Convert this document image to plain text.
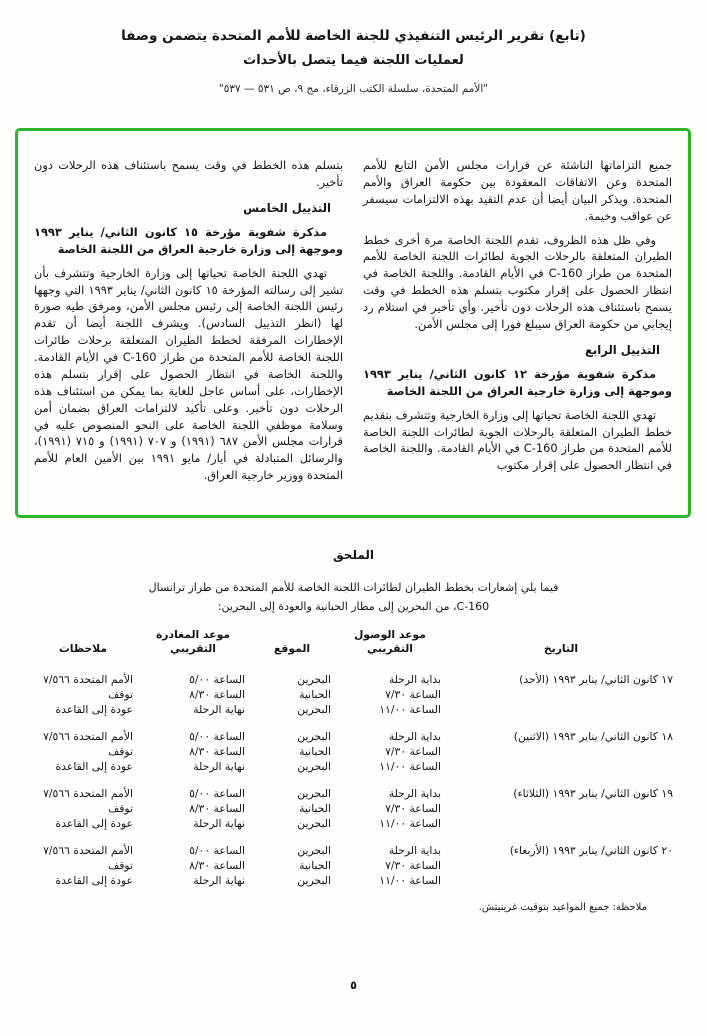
(تابع) تقرير الرئيس التنفيذي للجنة الخاصة للأمم المتحدة يتضمن وصفا
لعمليات اللجنة فيما يتصل بالأحداث
"الأمم المتحدة، سلسلة الكتب الزرقاء، مج ٩، ص ٥٣١ — ٥٣٧"

جميع التزاماتها الناشئة عن قرارات مجلس الأمن التابع للأمم المتحدة وعن الاتفاقات المعقودة بين حكومة العراق والأمم المتحدة. ويذكر البيان أيضا أن عدم التقيد بهذه الالتزامات سيسفر عن عواقب وخيمة.

وفي ظل هذه الظروف، تقدم اللجنة الخاصة مرة أخرى خطط الطيران المتعلقة بالرحلات الجوية لطائرات اللجنة الخاصة للأمم المتحدة من طراز C-160 في الأيام القادمة. واللجنة الخاصة في انتظار الحصول على إقرار مكتوب بتسلم هذه الخطط في وقت يسمح باستئناف هذه الرحلات دون تأخير. وأي تأخير في استلام رد إيجابي من حكومة العراق سيبلغ فورا إلى مجلس الأمن.

التذييل الرابع

مذكرة شفوية مؤرخة ١٢ كانون الثاني/ يناير ١٩٩٣ وموجهة إلى وزارة خارجية العراق من اللجنة الخاصة

تهدي اللجنة الخاصة تحياتها إلى وزارة الخارجية وتتشرف بتقديم خطط الطيران المتعلقة بالرحلات الجوية لطائرات اللجنة الخاصة للأمم المتحدة من طراز C-160 في الأيام القادمة. واللجنة الخاصة في انتظار الحصول على إقرار مكتوب

بتسلم هذه الخطط في وقت يسمح باستئناف هذه الرحلات دون تأخير.

التذييل الخامس

مذكرة شفوية مؤرخة ١٥ كانون الثاني/ يناير ١٩٩٣ وموجهة إلى وزارة خارجية العراق من اللجنة الخاصة

تهدي اللجنة الخاصة تحياتها إلى وزارة الخارجية وتتشرف بأن تشير إلى رسالته المؤرخة ١٥ كانون الثاني/ يناير ١٩٩٣ التي وجهها رئيس اللجنة الخاصة إلى رئيس مجلس الأمن، ومرفق طيه صورة لها (انظر التذييل السادس). ويشرف اللجنة أيضا أن تقدم الإخطارات المرفقة لخطط الطيران المتعلقة برحلات طائرات اللجنة الخاصة للأمم المتحدة من طراز C-160 في الأيام القادمة. واللجنة الخاصة في انتظار الحصول على إقرار بتسلم هذه الإخطارات، على أساس عاجل للغاية بما يمكن من استئناف هذه الرحلات دون تأخير. وعلى تأكيد لالتزامات العراق بضمان أمن وسلامة موظفي اللجنة الخاصة على النحو المنصوص عليه في قرارات مجلس الأمن ٦٨٧ (١٩٩١) و ٧٠٧ (١٩٩١) و ٧١٥ (١٩٩١)، والرسائل المتبادلة في أيار/ مايو ١٩٩١ بين الأمين العام للأمم المتحدة ووزير خارجية العراق.

الملحق
فيما يلي إشعارات بخطط الطيران لطائرات اللجنة الخاصة للأمم المتحدة من طراز ترانسال
C-160، من البحرين إلى مطار الحبانية والعودة إلى البحرين:
	موعد الوصول		موعد المغادرة	
التاريخ	التقريبي	الموقع	التقريبي	ملاحظات
١٧ كانون الثاني/ يناير ١٩٩٣ (الأحد)	بداية الرحلة	البحرين	الساعة ٥/٠٠	الأمم المتحدة ٧/٥٦٦
	الساعة ٧/٣٠	الحبانية	الساعة ٨/٣٠	توقف
	الساعة ١١/٠٠	البحرين	نهاية الرحلة	عودة إلى القاعدة
١٨ كانون الثاني/ يناير ١٩٩٣ (الاثنين)	بداية الرحلة	البحرين	الساعة ٥/٠٠	الأمم المتحدة ٧/٥٦٦
	الساعة ٧/٣٠	الحبانية	الساعة ٨/٣٠	توقف
	الساعة ١١/٠٠	البحرين	نهاية الرحلة	عودة إلى القاعدة
١٩ كانون الثاني/ يناير ١٩٩٣ (الثلاثاء)	بداية الرحلة	البحرين	الساعة ٥/٠٠	الأمم المتحدة ٧/٥٦٦
	الساعة ٧/٣٠	الحبانية	الساعة ٨/٣٠	توقف
	الساعة ١١/٠٠	البحرين	نهاية الرحلة	عودة إلى القاعدة
٢٠ كانون الثاني/ يناير ١٩٩٣ (الأربعاء)	بداية الرحلة	البحرين	الساعة ٥/٠٠	الأمم المتحدة ٧/٥٦٦
	الساعة ٧/٣٠	الحبانية	الساعة ٨/٣٠	توقف
	الساعة ١١/٠٠	البحرين	نهاية الرحلة	عودة إلى القاعدة
ملاحظة: جميع المواعيد بتوقيت غرينيتش.
٥
